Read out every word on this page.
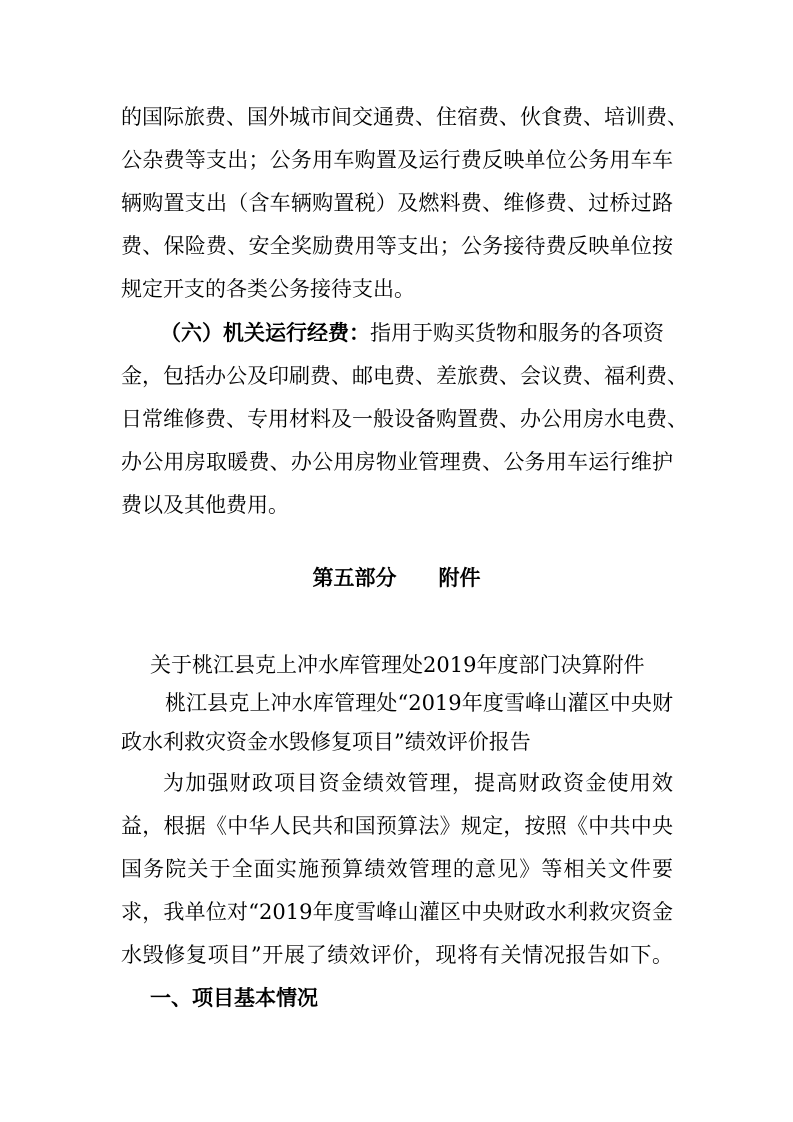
的国际旅费、国外城市间交通费、住宿费、伙食费、培训费、
公杂费等支出；公务用车购置及运行费反映单位公务用车车
辆购置支出（含车辆购置税）及燃料费、维修费、过桥过路
费、保险费、安全奖励费用等支出；公务接待费反映单位按
规定开支的各类公务接待支出。
（六）机关运行经费：指用于购买货物和服务的各项资
金，包括办公及印刷费、邮电费、差旅费、会议费、福利费、
日常维修费、专用材料及一般设备购置费、办公用房水电费、
办公用房取暖费、办公用房物业管理费、公务用车运行维护
费以及其他费用。
第五部分　　附件
关于桃江县克上冲水库管理处2019年度部门决算附件
桃江县克上冲水库管理处“2019年度雪峰山灌区中央财
政水利救灾资金水毁修复项目”绩效评价报告
为加强财政项目资金绩效管理，提高财政资金使用效
益，根据《中华人民共和国预算法》规定，按照《中共中央
国务院关于全面实施预算绩效管理的意见》等相关文件要
求，我单位对“2019年度雪峰山灌区中央财政水利救灾资金
水毁修复项目”开展了绩效评价，现将有关情况报告如下。
一、项目基本情况
